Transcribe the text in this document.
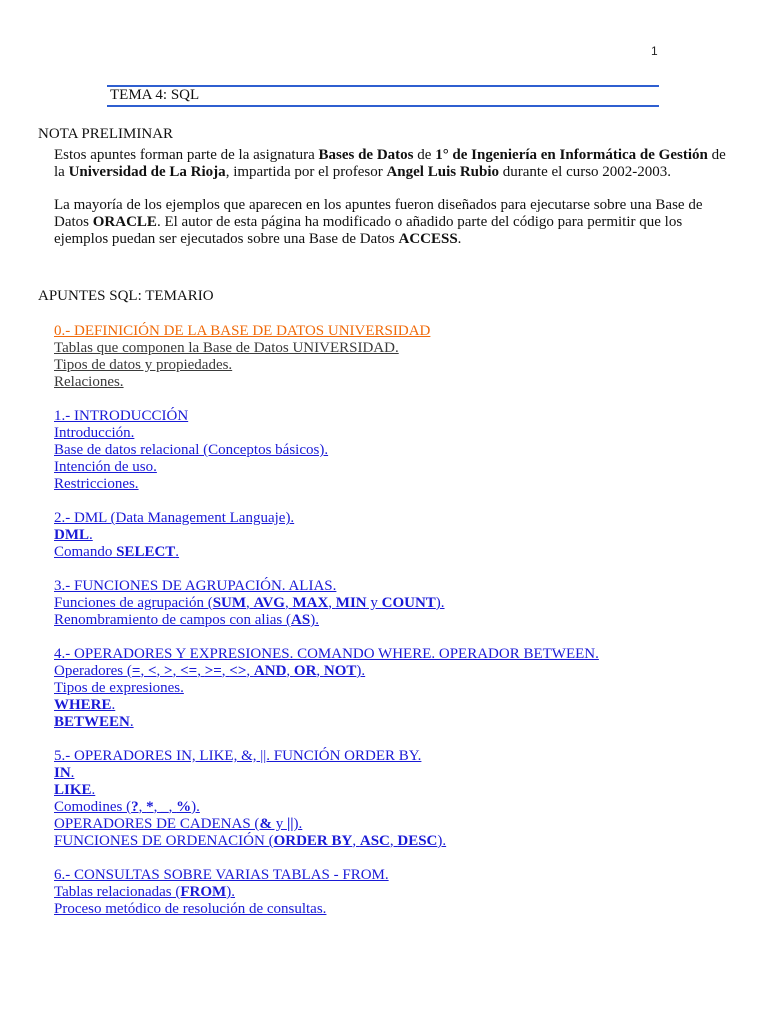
1
TEMA 4: SQL
NOTA PRELIMINAR

Estos apuntes forman parte de la asignatura Bases de Datos de 1° de Ingeniería en Informática de Gestión de la Universidad de La Rioja, impartida por el profesor Angel Luis Rubio durante el curso 2002-2003.

La mayoría de los ejemplos que aparecen en los apuntes fueron diseñados para ejecutarse sobre una Base de Datos ORACLE. El autor de esta página ha modificado o añadido parte del código para permitir que los ejemplos puedan ser ejecutados sobre una Base de Datos ACCESS.

APUNTES SQL: TEMARIO
0.- DEFINICIÓN DE LA BASE DE DATOS UNIVERSIDAD
Tablas que componen la Base de Datos UNIVERSIDAD.
Tipos de datos y propiedades.
Relaciones.
1.- INTRODUCCIÓN
Introducción.
Base de datos relacional (Conceptos básicos).
Intención de uso.
Restricciones.
2.- DML (Data Management Languaje).
DML.
Comando SELECT.
3.- FUNCIONES DE AGRUPACIÓN. ALIAS.
Funciones de agrupación (SUM, AVG, MAX, MIN y COUNT).
Renombramiento de campos con alias (AS).
4.- OPERADORES Y EXPRESIONES. COMANDO WHERE. OPERADOR BETWEEN.
Operadores (=, <, >, <=, >=, <>, AND, OR, NOT).
Tipos de expresiones.
WHERE.
BETWEEN.
5.- OPERADORES IN, LIKE, &, ||. FUNCIÓN ORDER BY.
IN.
LIKE.
Comodines (?, *, _, %).
OPERADORES DE CADENAS (& y ||).
FUNCIONES DE ORDENACIÓN (ORDER BY, ASC, DESC).
6.- CONSULTAS SOBRE VARIAS TABLAS - FROM.
Tablas relacionadas (FROM).
Proceso metódico de resolución de consultas.
